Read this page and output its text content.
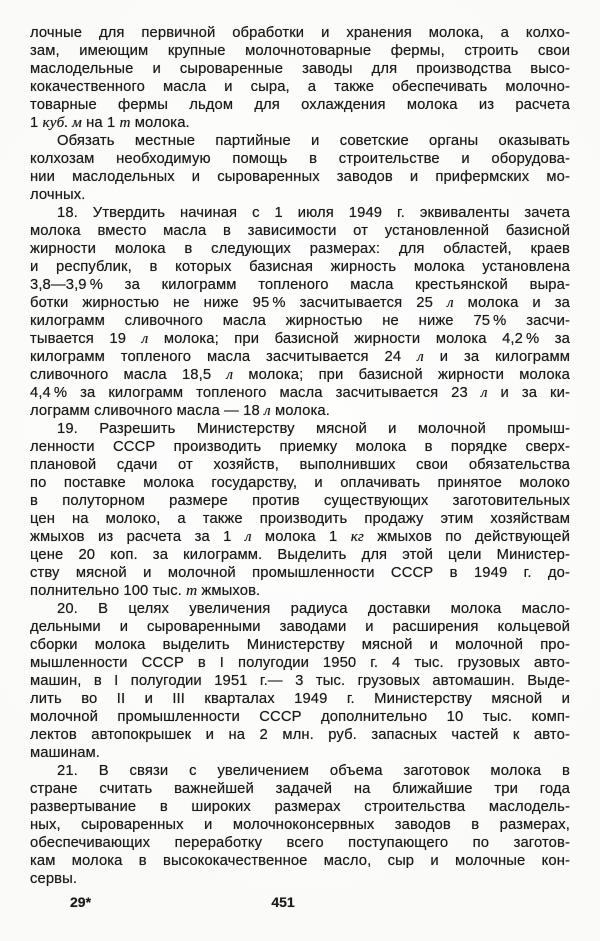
лочные для первичной обработки и хранения молока, а колхо-
зам, имеющим крупные молочнотоварные фермы, строить свои
маслодельные и сыроваренные заводы для производства высо-
кокачественного масла и сыра, а также обеспечивать молочно-
товарные фермы льдом для охлаждения молока из расчета
1 куб. м на 1 т молока.
Обязать местные партийные и советские органы оказывать
колхозам необходимую помощь в строительстве и оборудова-
нии маслодельных и сыроваренных заводов и прифермских мо-
лочных.
18. Утвердить начиная с 1 июля 1949 г. эквиваленты зачета
молока вместо масла в зависимости от установленной базисной
жирности молока в следующих размерах: для областей, краев
и республик, в которых базисная жирность молока установлена
3,8—3,9 % за килограмм топленого масла крестьянской выра-
ботки жирностью не ниже 95 % засчитывается 25 л молока и за
килограмм сливочного масла жирностью не ниже 75 % засчи-
тывается 19 л молока; при базисной жирности молока 4,2 % за
килограмм топленого масла засчитывается 24 л и за килограмм
сливочного масла 18,5 л молока; при базисной жирности молока
4,4 % за килограмм топленого масла засчитывается 23 л и за ки-
лограмм сливочного масла — 18 л молока.
19. Разрешить Министерству мясной и молочной промыш-
ленности СССР производить приемку молока в порядке сверх-
плановой сдачи от хозяйств, выполнивших свои обязательства
по поставке молока государству, и оплачивать принятое молоко
в полуторном размере против существующих заготовительных
цен на молоко, а также производить продажу этим хозяйствам
жмыхов из расчета за 1 л молока 1 кг жмыхов по действующей
цене 20 коп. за килограмм. Выделить для этой цели Министер-
ству мясной и молочной промышленности СССР в 1949 г. до-
полнительно 100 тыс. т жмыхов.
20. В целях увеличения радиуса доставки молока масло-
дельными и сыроваренными заводами и расширения кольцевой
сборки молока выделить Министерству мясной и молочной про-
мышленности СССР в I полугодии 1950 г. 4 тыс. грузовых авто-
машин, в I полугодии 1951 г.— 3 тыс. грузовых автомашин. Выде-
лить во II и III кварталах 1949 г. Министерству мясной и
молочной промышленности СССР дополнительно 10 тыс. комп-
лектов автопокрышек и на 2 млн. руб. запасных частей к авто-
машинам.
21. В связи с увеличением объема заготовок молока в
стране считать важнейшей задачей на ближайшие три года
развертывание в широких размерах строительства маслодель-
ных, сыроваренных и молочноконсервных заводов в размерах,
обеспечивающих переработку всего поступающего по заготов-
кам молока в высококачественное масло, сыр и молочные кон-
сервы.
29*	451
